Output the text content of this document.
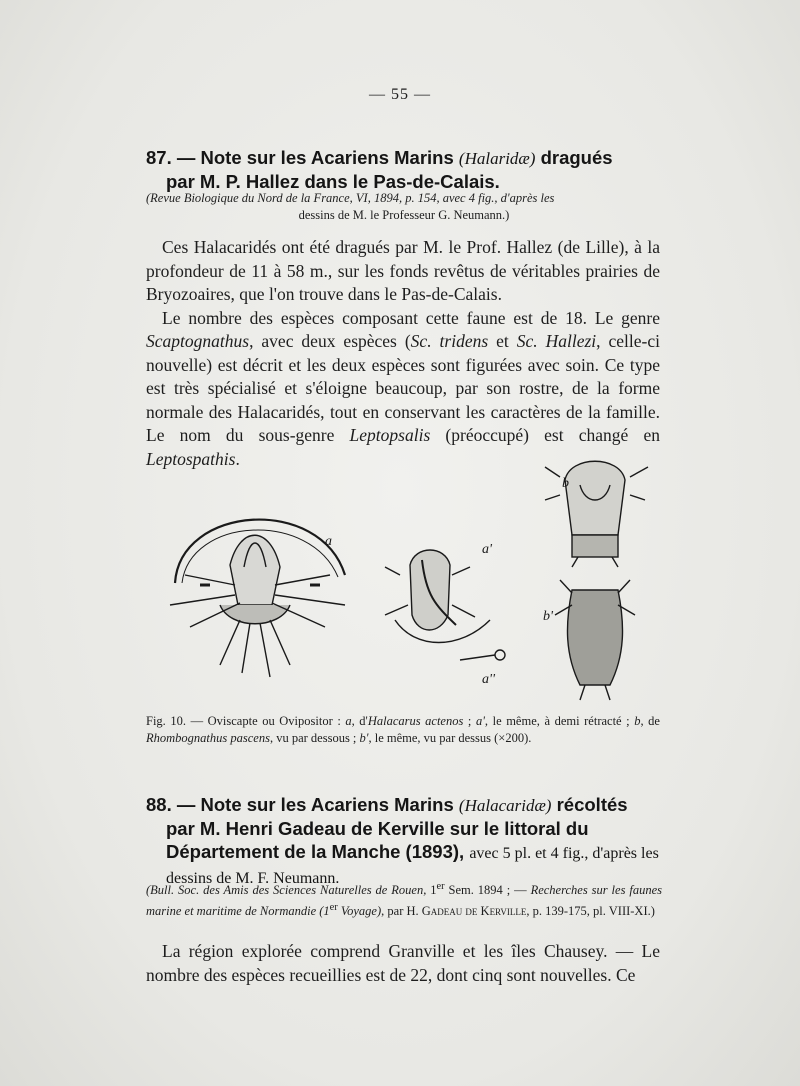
— 55 —
87. — Note sur les Acariens Marins (Halaridæ) dragués
par M. P. Hallez dans le Pas-de-Calais.
(Revue Biologique du Nord de la France, VI, 1894, p. 154, avec 4 fig., d'après les
dessins de M. le Professeur G. Neumann.)

Ces Halacaridés ont été dragués par M. le Prof. Hallez (de Lille), à la profondeur de 11 à 58 m., sur les fonds revêtus de véritables prairies de Bryozoaires, que l'on trouve dans le Pas-de-Calais.

Le nombre des espèces composant cette faune est de 18. Le genre Scaptognathus, avec deux espèces (Sc. tridens et Sc. Hallezi, celle-ci nouvelle) est décrit et les deux espèces sont figurées avec soin. Ce type est très spécialisé et s'éloigne beaucoup, par son rostre, de la forme normale des Halacaridés, tout en conservant les caractères de la famille. Le nom du sous-genre Leptopsalis (préoccupé) est changé en Leptospathis.

a
a'
a''
b
b'
Fig. 10. — Oviscapte ou Ovipositor : a, d'Halacarus actenos ; a', le même, à demi rétracté ; b, de Rhombognathus pascens, vu par dessous ; b', le même, vu par dessus (×200).
88. — Note sur les Acariens Marins (Halacaridæ) récoltés
par M. Henri Gadeau de Kerville sur le littoral du Département de la Manche (1893), avec 5 pl. et 4 fig., d'après les dessins de M. F. Neumann.
(Bull. Soc. des Amis des Sciences Naturelles de Rouen, 1er Sem. 1894 ; — Recherches sur les faunes marine et maritime de Normandie (1er Voyage), par H. Gadeau de Kerville, p. 139-175, pl. VIII-XI.)

La région explorée comprend Granville et les îles Chausey. — Le nombre des espèces recueillies est de 22, dont cinq sont nouvelles. Ce
